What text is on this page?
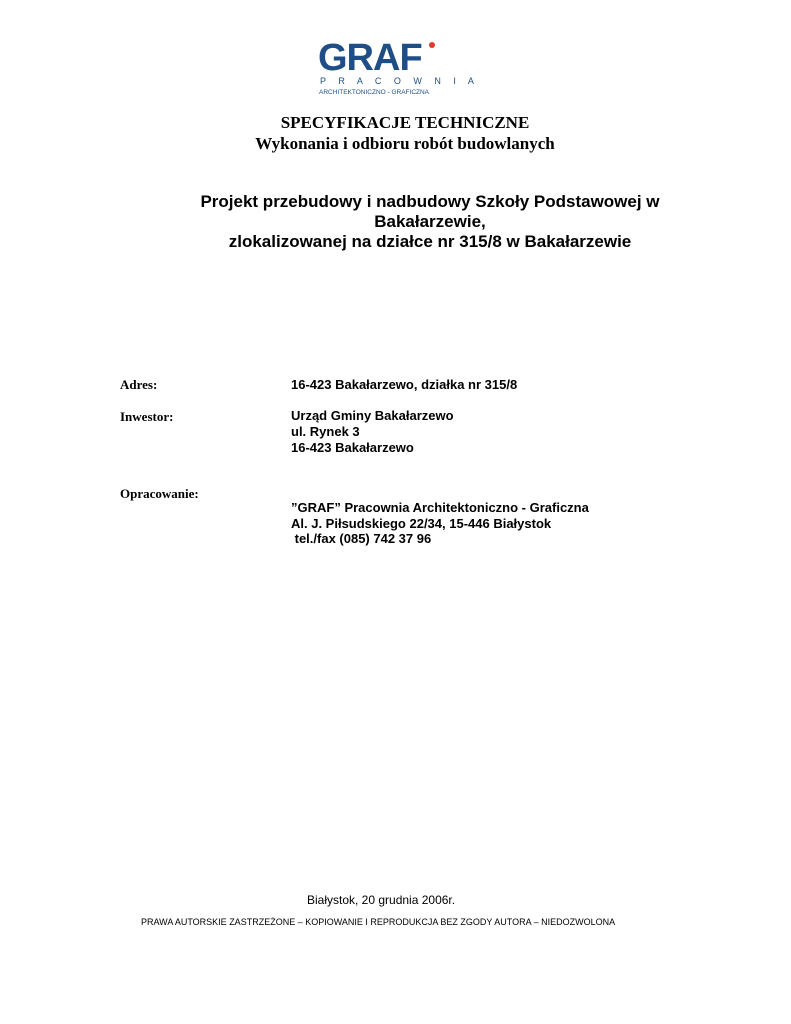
GRAF
P R A C O W N I A
ARCHITEKTONICZNO - GRAFICZNA
SPECYFIKACJE TECHNICZNE
Wykonania i odbioru robót budowlanych
Projekt przebudowy i nadbudowy Szkoły Podstawowej w
Bakałarzewie,
zlokalizowanej na działce nr 315/8 w Bakałarzewie
Adres:	16-423 Bakałarzewo, działka nr 315/8
Inwestor:	Urząd Gminy Bakałarzewo
ul. Rynek 3
16-423 Bakałarzewo
Opracowanie:
”GRAF” Pracownia Architektoniczno - Graficzna
Al. J. Piłsudskiego 22/34, 15-446 Białystok
tel./fax (085) 742 37 96
Białystok, 20 grudnia 2006r.
PRAWA AUTORSKIE ZASTRZEŻONE – KOPIOWANIE I REPRODUKCJA BEZ ZGODY AUTORA – NIEDOZWOLONA
